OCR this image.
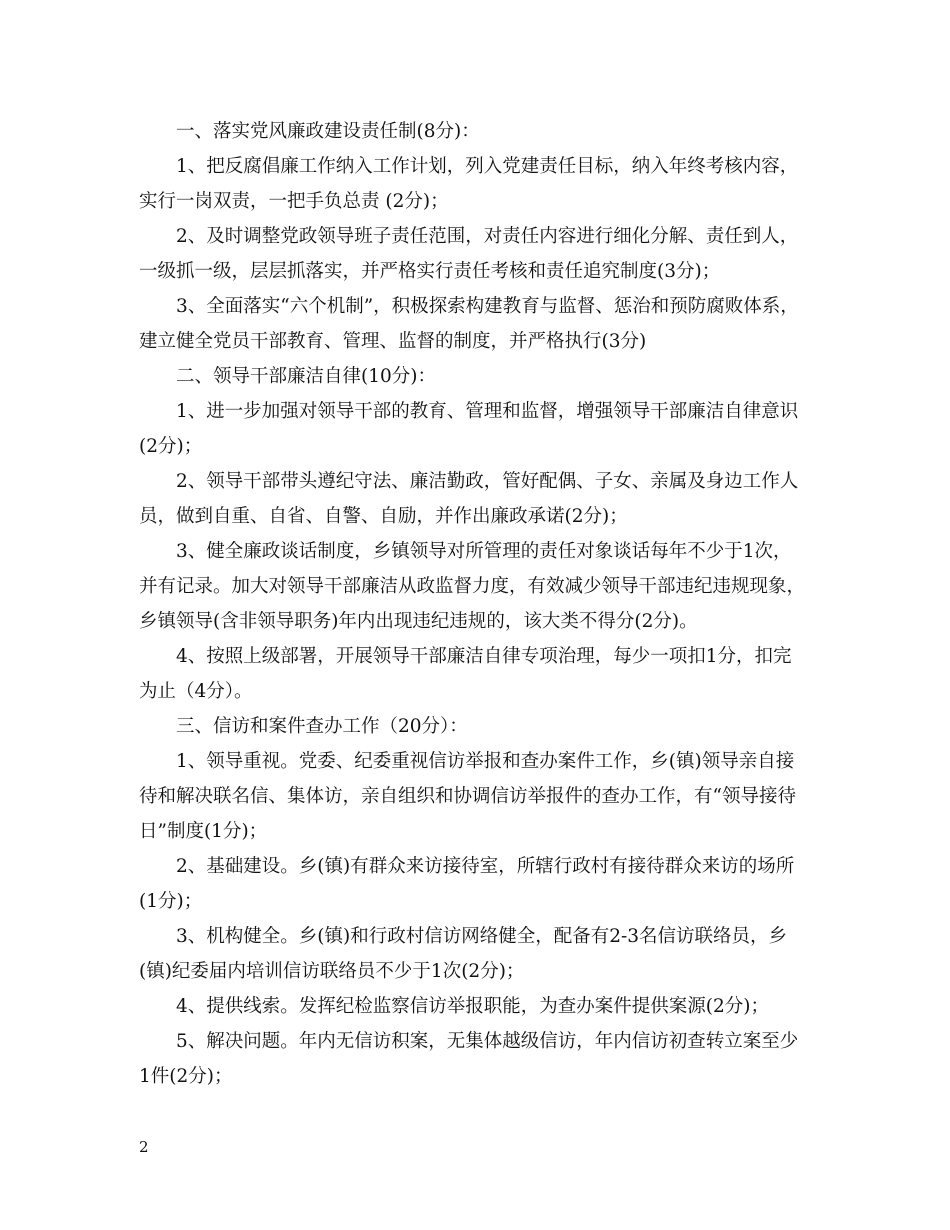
　　一、落实党风廉政建设责任制(8分)：
　　1、把反腐倡廉工作纳入工作计划，列入党建责任目标，纳入年终考核内容，
实行一岗双责，一把手负总责 (2分)；
　　2、及时调整党政领导班子责任范围，对责任内容进行细化分解、责任到人，
一级抓一级，层层抓落实，并严格实行责任考核和责任追究制度(3分)；
　　3、全面落实“六个机制”，积极探索构建教育与监督、惩治和预防腐败体系，
建立健全党员干部教育、管理、监督的制度，并严格执行(3分)
　　二、领导干部廉洁自律(10分)：
　　1、进一步加强对领导干部的教育、管理和监督，增强领导干部廉洁自律意识
(2分)；
　　2、领导干部带头遵纪守法、廉洁勤政，管好配偶、子女、亲属及身边工作人
员，做到自重、自省、自警、自励，并作出廉政承诺(2分)；
　　3、健全廉政谈话制度，乡镇领导对所管理的责任对象谈话每年不少于1次，
并有记录。加大对领导干部廉洁从政监督力度，有效减少领导干部违纪违规现象，
乡镇领导(含非领导职务)年内出现违纪违规的，该大类不得分(2分)。
　　4、按照上级部署，开展领导干部廉洁自律专项治理，每少一项扣1分，扣完
为止（4分）。
　　三、信访和案件查办工作（20分）：
　　1、领导重视。党委、纪委重视信访举报和查办案件工作，乡(镇)领导亲自接
待和解决联名信、集体访，亲自组织和协调信访举报件的查办工作，有“领导接待
日”制度(1分)；
　　2、基础建设。乡(镇)有群众来访接待室，所辖行政村有接待群众来访的场所
(1分)；
　　3、机构健全。乡(镇)和行政村信访网络健全，配备有2-3名信访联络员，乡
(镇)纪委届内培训信访联络员不少于1次(2分)；
　　4、提供线索。发挥纪检监察信访举报职能，为查办案件提供案源(2分)；
　　5、解决问题。年内无信访积案，无集体越级信访，年内信访初查转立案至少
1件(2分)；
2
